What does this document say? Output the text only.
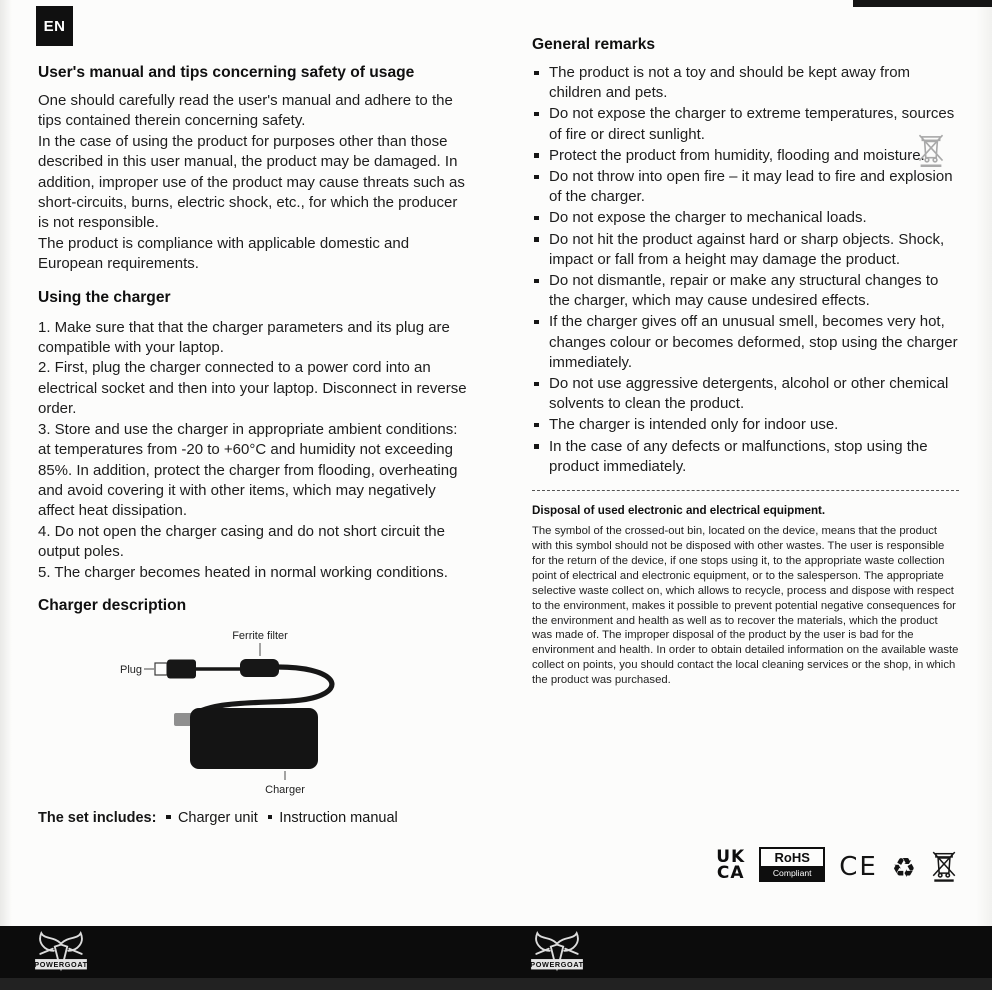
EN
User's manual and tips concerning safety of usage

One should carefully read the user's manual and adhere to the tips contained therein concerning safety.

In the case of using the product for purposes other than those described in this user manual, the product may be damaged. In addition, improper use of the product may cause threats such as short-circuits, burns, electric shock, etc., for which the producer is not responsible.

The product is compliance with applicable domestic and European requirements.

Using the charger
1. Make sure that that the charger parameters and its plug are compatible with your laptop.
2. First, plug the charger connected to a power cord into an electrical socket and then into your laptop. Disconnect in reverse order.
3. Store and use the charger in appropriate ambient conditions: at temperatures from -20 to +60°C and humidity not exceeding 85%. In addition, protect the charger from flooding, overheating and avoid covering it with other items, which may negatively affect heat dissipation.
4. Do not open the charger casing and do not short circuit the output poles.
5. The charger becomes heated in normal working conditions.
Charger description
Ferrite filter
Plug
Charger
The set includes: Charger unit Instruction manual
General remarks
The product is not a toy and should be kept away from children and pets.
Do not expose the charger to extreme temperatures, sources of fire or direct sunlight.
Protect the product from humidity, flooding and moisture.
Do not throw into open fire – it may lead to fire and explosion of the charger.
Do not expose the charger to mechanical loads.
Do not hit the product against hard or sharp objects. Shock, impact or fall from a height may damage the product.
Do not dismantle, repair or make any structural changes to the charger, which may cause undesired effects.
If the charger gives off an unusual smell, becomes very hot, changes colour or becomes deformed, stop using the charger immediately.
Do not use aggressive detergents, alcohol or other chemical solvents to clean the product.
The charger is intended only for indoor use.
In the case of any defects or malfunctions, stop using the product immediately.
Disposal of used electronic and electrical equipment.

The symbol of the crossed-out bin, located on the device, means that the product with this symbol should not be disposed with other wastes. The user is responsible for the return of the device, if one stops using it, to the appropriate waste collection point of electrical and electronic equipment, or to the salesperson. The appropriate selective waste collect on, which allows to recycle, process and dispose with respect to the environment, makes it possible to prevent potential negative consequences for the environment and health as well as to recover the materials, which the product was made of. The improper disposal of the product by the user is bad for the environment and health. In order to obtain detailed information on the available waste collect on points, you should contact the local cleaning services or the shop, in which the product was purchased.

UK
CA
RoHS
Compliant	CE ♻
POWERGOAT	POWERGOAT
